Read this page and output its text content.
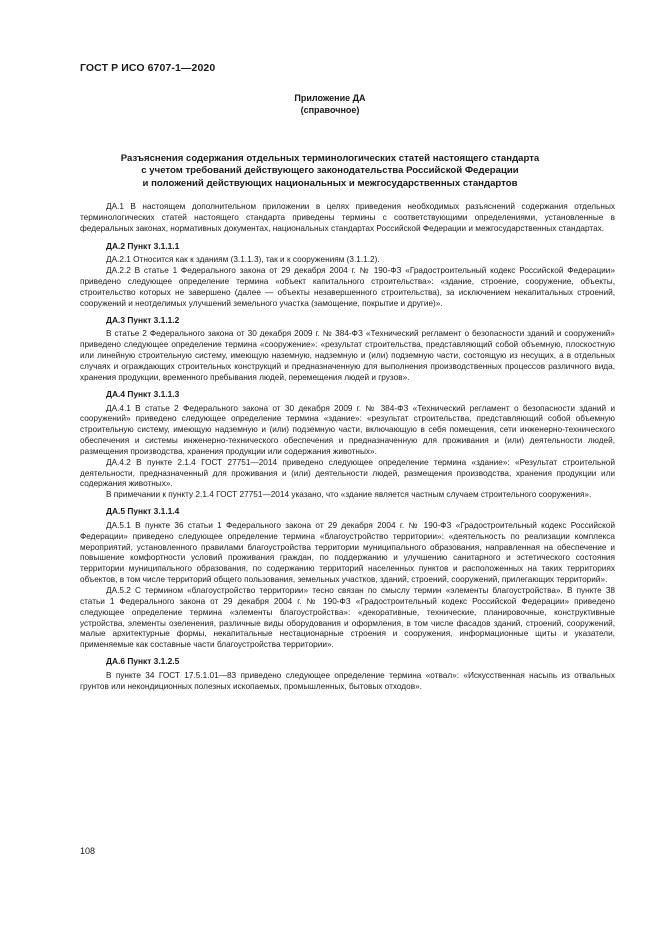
ГОСТ Р ИСО 6707-1—2020
Приложение ДА
(справочное)
Разъяснения содержания отдельных терминологических статей настоящего стандарта
с учетом требований действующего законодательства Российской Федерации
и положений действующих национальных и межгосударственных стандартов

ДА.1 В настоящем дополнительном приложении в целях приведения необходимых разъяснений содержания отдельных терминологических статей настоящего стандарта приведены термины с соответствующими определениями, установленные в федеральных законах, нормативных документах, национальных стандартах Российской Федерации и межгосударственных стандартах.

ДА.2 Пункт 3.1.1.1

ДА.2.1 Относится как к зданиям (3.1.1.3), так и к сооружениям (3.1.1.2).

ДА.2.2 В статье 1 Федерального закона от 29 декабря 2004 г. № 190-ФЗ «Градостроительный кодекс Российской Федерации» приведено следующее определение термина «объект капитального строительства»: «здание, строение, сооружение, объекты, строительство которых не завершено (далее — объекты незавершенного строительства), за исключением некапитальных строений, сооружений и неотделимых улучшений земельного участка (замощение, покрытие и другие)».

ДА.3 Пункт 3.1.1.2

В статье 2 Федерального закона от 30 декабря 2009 г. № 384-ФЗ «Технический регламент о безопасности зданий и сооружений» приведено следующее определение термина «сооружение»: «результат строительства, представляющий собой объемную, плоскостную или линейную строительную систему, имеющую наземную, надземную и (или) подземную части, состоящую из несущих, а в отдельных случаях и ограждающих строительных конструкций и предназначенную для выполнения производственных процессов различного вида, хранения продукции, временного пребывания людей, перемещения людей и грузов».

ДА.4 Пункт 3.1.1.3

ДА.4.1 В статье 2 Федерального закона от 30 декабря 2009 г. № 384-ФЗ «Технический регламент о безопасности зданий и сооружений» приведено следующее определение термина «здание»: «результат строительства, представляющий собой объемную строительную систему, имеющую надземную и (или) подземную части, включающую в себя помещения, сети инженерно-технического обеспечения и системы инженерно-технического обеспечения и предназначенную для проживания и (или) деятельности людей, размещения производства, хранения продукции или содержания животных».

ДА.4.2 В пункте 2.1.4 ГОСТ 27751—2014 приведено следующее определение термина «здание»: «Результат строительной деятельности, предназначенный для проживания и (или) деятельности людей, размещения производства, хранения продукции или содержания животных».

В примечании к пункту 2.1.4 ГОСТ 27751—2014 указано, что «здание является частным случаем строительного сооружения».

ДА.5 Пункт 3.1.1.4

ДА.5.1 В пункте 36 статьи 1 Федерального закона от 29 декабря 2004 г. № 190-ФЗ «Градостроительный кодекс Российской Федерации» приведено следующее определение термина «благоустройство территории»: «деятельность по реализации комплекса мероприятий, установленного правилами благоустройства территории муниципального образования, направленная на обеспечение и повышение комфортности условий проживания граждан, по поддержанию и улучшению санитарного и эстетического состояния территории муниципального образования, по содержанию территорий населенных пунктов и расположенных на таких территориях объектов, в том числе территорий общего пользования, земельных участков, зданий, строений, сооружений, прилегающих территорий».

ДА.5.2 С термином «благоустройство территории» тесно связан по смыслу термин «элементы благоустройства». В пункте 38 статьи 1 Федерального закона от 29 декабря 2004 г. № 190-ФЗ «Градостроительный кодекс Российской Федерации» приведено следующее определение термина «элементы благоустройства»: «декоративные, технические, планировочные, конструктивные устройства, элементы озеленения, различные виды оборудования и оформления, в том числе фасадов зданий, строений, сооружений, малые архитектурные формы, некапитальные нестационарные строения и сооружения, информационные щиты и указатели, применяемые как составные части благоустройства территории».

ДА.6 Пункт 3.1.2.5

В пункте 34 ГОСТ 17.5.1.01—83 приведено следующее определение термина «отвал»: «Искусственная насыпь из отвальных грунтов или некондиционных полезных ископаемых, промышленных, бытовых отходов».

108
